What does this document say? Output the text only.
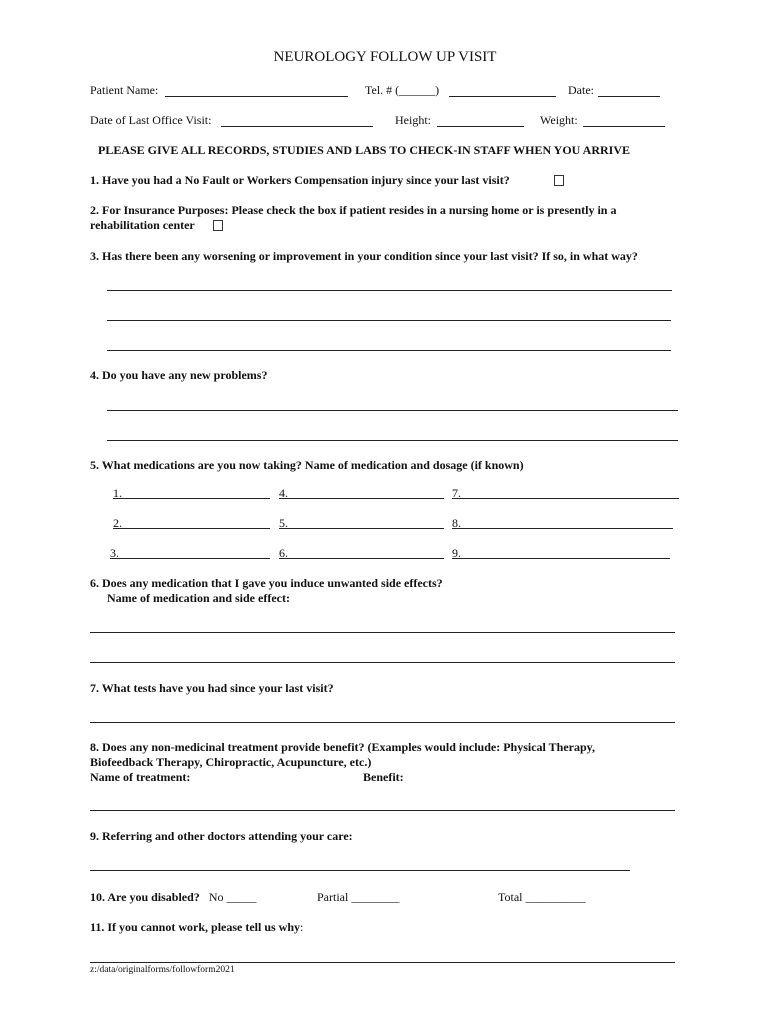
NEUROLOGY FOLLOW UP VISIT
Patient Name:	Tel. # (______)	Date:
Date of Last Office Visit:	Height:	Weight:
PLEASE GIVE ALL RECORDS, STUDIES AND LABS TO CHECK-IN STAFF WHEN YOU ARRIVE
1. Have you had a No Fault or Workers Compensation injury since your last visit?
2. For Insurance Purposes: Please check the box if patient resides in a nursing home or is presently in a
rehabilitation center
3. Has there been any worsening or improvement in your condition since your last visit? If so, in what way?
4. Do you have any new problems?
5. What medications are you now taking? Name of medication and dosage (if known)
1.	4.	7.
2.	5.	8.
3.	6.	9.
6. Does any medication that I gave you induce unwanted side effects?
Name of medication and side effect:
7. What tests have you had since your last visit?
8. Does any non-medicinal treatment provide benefit? (Examples would include: Physical Therapy,
Biofeedback Therapy, Chiropractic, Acupuncture, etc.)
Name of treatment:	Benefit:
9. Referring and other doctors attending your care:
10. Are you disabled? No _____	Partial ________	Total __________
11. If you cannot work, please tell us why:
z:/data/originalforms/followform2021
